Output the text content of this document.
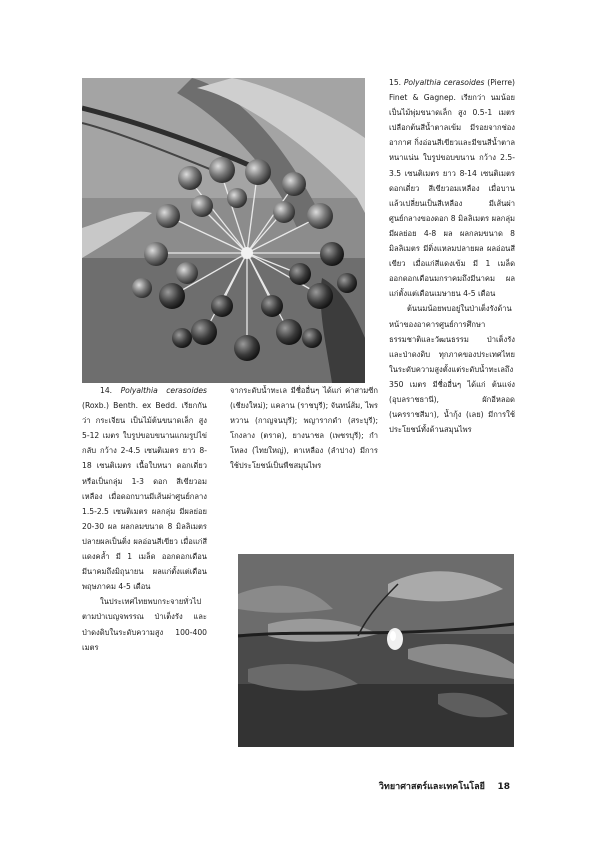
15. Polyalthia cerasoides (Pierre) Finet & Gagnep. เรียกว่า นมน้อย เป็นไม้พุ่มขนาดเล็ก สูง 0.5-1 เมตร เปลือกต้นสีน้ำตาลเข้ม มีรอยจากช่องอากาศ กิ่งอ่อนสีเขียวและมีขนสีน้ำตาลหนาแน่น ใบรูปขอบขนาน กว้าง 2.5-3.5 เซนติเมตร ยาว 8-14 เซนติเมตร ดอกเดี่ยว สีเขียวอมเหลือง เมื่อบานแล้วเปลี่ยนเป็นสีเหลือง มีเส้นผ่าศูนย์กลางของดอก 8 มิลลิเมตร ผลกลุ่ม มีผลย่อย 4-8 ผล ผลกลมขนาด 8 มิลลิเมตร มีติ่งแหลมปลายผล ผลอ่อนสีเขียว เมื่อแก่สีแดงเข้ม มี 1 เมล็ด ออกดอกเดือนมกราคมถึงมีนาคม ผลแก่ตั้งแต่เดือนเมษายน 4-5 เดือน

ต้นนมน้อยพบอยู่ในป่าเต็งรังด้านหน้าของอาคารศูนย์การศึกษาธรรมชาติและวัฒนธรรม ป่าเต็งรัง และป่าดงดิบ ทุกภาคของประเทศไทย ในระดับความสูงตั้งแต่ระดับน้ำทะเลถึง 350 เมตร มีชื่ออื่นๆ ได้แก่ ต้นแจ่ง (อุบลราชธานี), ผักอีหลอด (นครราชสีมา), น้ำกุ้ง (เลย) มีการใช้ประโยชน์ทั้งด้านสมุนไพร

14. Polyalthia cerasoides (Roxb.) Benth. ex Bedd. เรียกกันว่า กระเจียน เป็นไม้ต้นขนาดเล็ก สูง 5-12 เมตร ใบรูปขอบขนานแกมรูปไข่กลับ กว้าง 2-4.5 เซนติเมตร ยาว 8-18 เซนติเมตร เนื้อใบหนา ดอกเดี่ยวหรือเป็นกลุ่ม 1-3 ดอก สีเขียวอมเหลือง เมื่อดอกบานมีเส้นผ่าศูนย์กลาง 1.5-2.5 เซนติเมตร ผลกลุ่ม มีผลย่อย 20-30 ผล ผลกลมขนาด 8 มิลลิเมตร ปลายผลเป็นติ่ง ผลอ่อนสีเขียว เมื่อแก่สีแดงคล้ำ มี 1 เมล็ด ออกดอกเดือนมีนาคมถึงมิถุนายน ผลแก่ตั้งแต่เดือนพฤษภาคม 4-5 เดือน

ในประเทศไทยพบกระจายทั่วไปตามป่าเบญจพรรณ ป่าเต็งรัง และป่าดงดิบในระดับความสูง 100-400 เมตร

จากระดับน้ำทะเล มีชื่ออื่นๆ ได้แก่ ค่าสามซีก (เชียงใหม่); แคลาน (ราชบุรี); จันทน์ส้ม, ไพรหวาน (กาญจนบุรี); พญารากดำ (สระบุรี); โกงลาง (ตราด), ยางนาชล (เพชรบุรี); กำโหลง (ไทยใหญ่), ตาเหลือง (ลำปาง) มีการใช้ประโยชน์เป็นพืชสมุนไพร

วิทยาศาสตร์และเทคโนโลยี 18
